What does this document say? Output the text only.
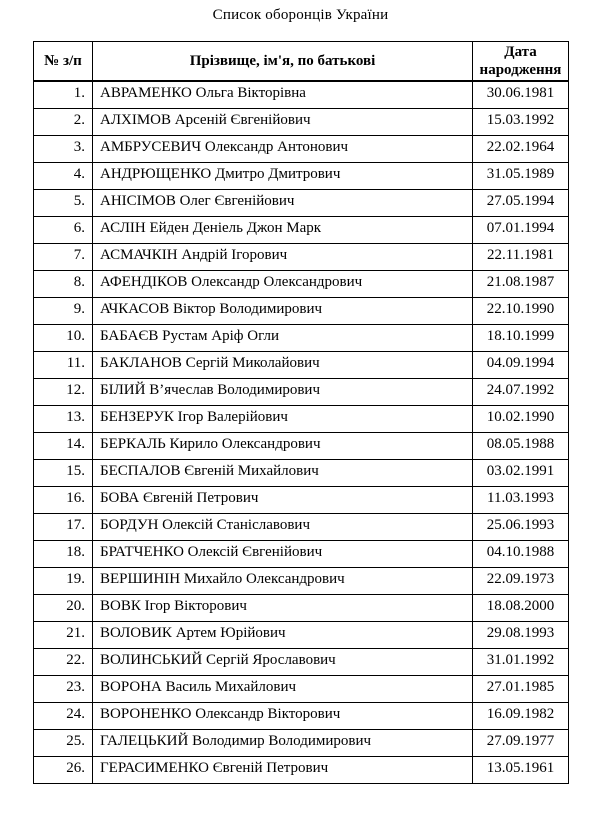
Список оборонців України
№ з/п	Прізвище, ім'я, по батькові	Дата народження
1.	АВРАМЕНКО Ольга Вікторівна	30.06.1981
2.	АЛХІМОВ Арсеній Євгенійович	15.03.1992
3.	АМБРУСЕВИЧ Олександр Антонович	22.02.1964
4.	АНДРЮЩЕНКО Дмитро Дмитрович	31.05.1989
5.	АНІСІМОВ Олег Євгенійович	27.05.1994
6.	АСЛІН Ейден Деніель Джон Марк	07.01.1994
7.	АСМАЧКІН Андрій Ігорович	22.11.1981
8.	АФЕНДІКОВ Олександр Олександрович	21.08.1987
9.	АЧКАСОВ Віктор Володимирович	22.10.1990
10.	БАБАЄВ Рустам Аріф Огли	18.10.1999
11.	БАКЛАНОВ Сергій Миколайович	04.09.1994
12.	БІЛИЙ В’ячеслав Володимирович	24.07.1992
13.	БЕНЗЕРУК Ігор Валерійович	10.02.1990
14.	БЕРКАЛЬ Кирило Олександрович	08.05.1988
15.	БЕСПАЛОВ Євгеній Михайлович	03.02.1991
16.	БОВА Євгеній Петрович	11.03.1993
17.	БОРДУН Олексій Станіславович	25.06.1993
18.	БРАТЧЕНКО Олексій Євгенійович	04.10.1988
19.	ВЕРШИНІН Михайло Олександрович	22.09.1973
20.	ВОВК Ігор Вікторович	18.08.2000
21.	ВОЛОВИК Артем Юрійович	29.08.1993
22.	ВОЛИНСЬКИЙ Сергій Ярославович	31.01.1992
23.	ВОРОНА Василь Михайлович	27.01.1985
24.	ВОРОНЕНКО Олександр Вікторович	16.09.1982
25.	ГАЛЕЦЬКИЙ Володимир Володимирович	27.09.1977
26.	ГЕРАСИМЕНКО Євгеній Петрович	13.05.1961
